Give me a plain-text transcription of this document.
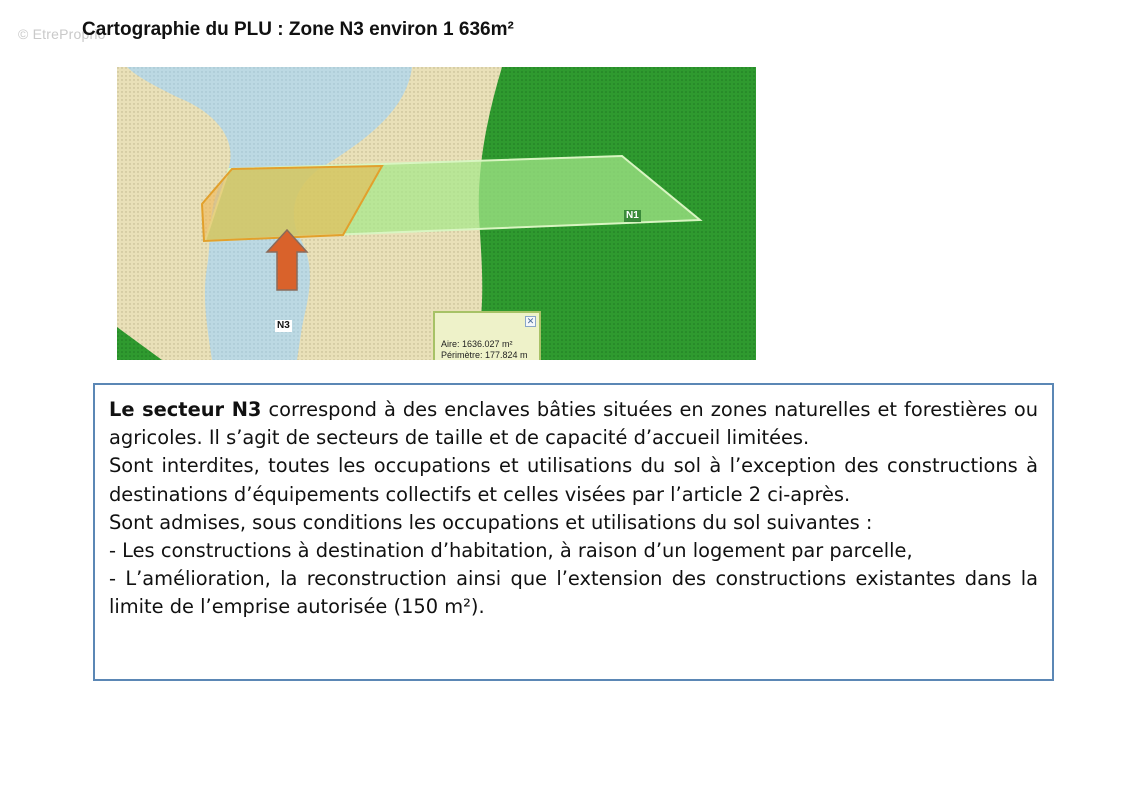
© EtreProprio
Cartographie du PLU : Zone N3 environ 1 636m²
N1
N3	✕
Aire: 1636.027 m²
Périmètre: 177.824 m

Le secteur N3 correspond à des enclaves bâties situées en zones naturelles et forestières ou agricoles. Il s’agit de secteurs de taille et de capacité d’accueil limitées.

Sont interdites, toutes les occupations et utilisations du sol à l’exception des constructions à destinations d’équipements collectifs et celles visées par l’article 2 ci-après.

Sont admises, sous conditions les occupations et utilisations du sol suivantes :

- Les constructions à destination d’habitation, à raison d’un logement par parcelle,

- L’amélioration, la reconstruction ainsi que l’extension des constructions existantes dans la limite de l’emprise autorisée (150 m²).
